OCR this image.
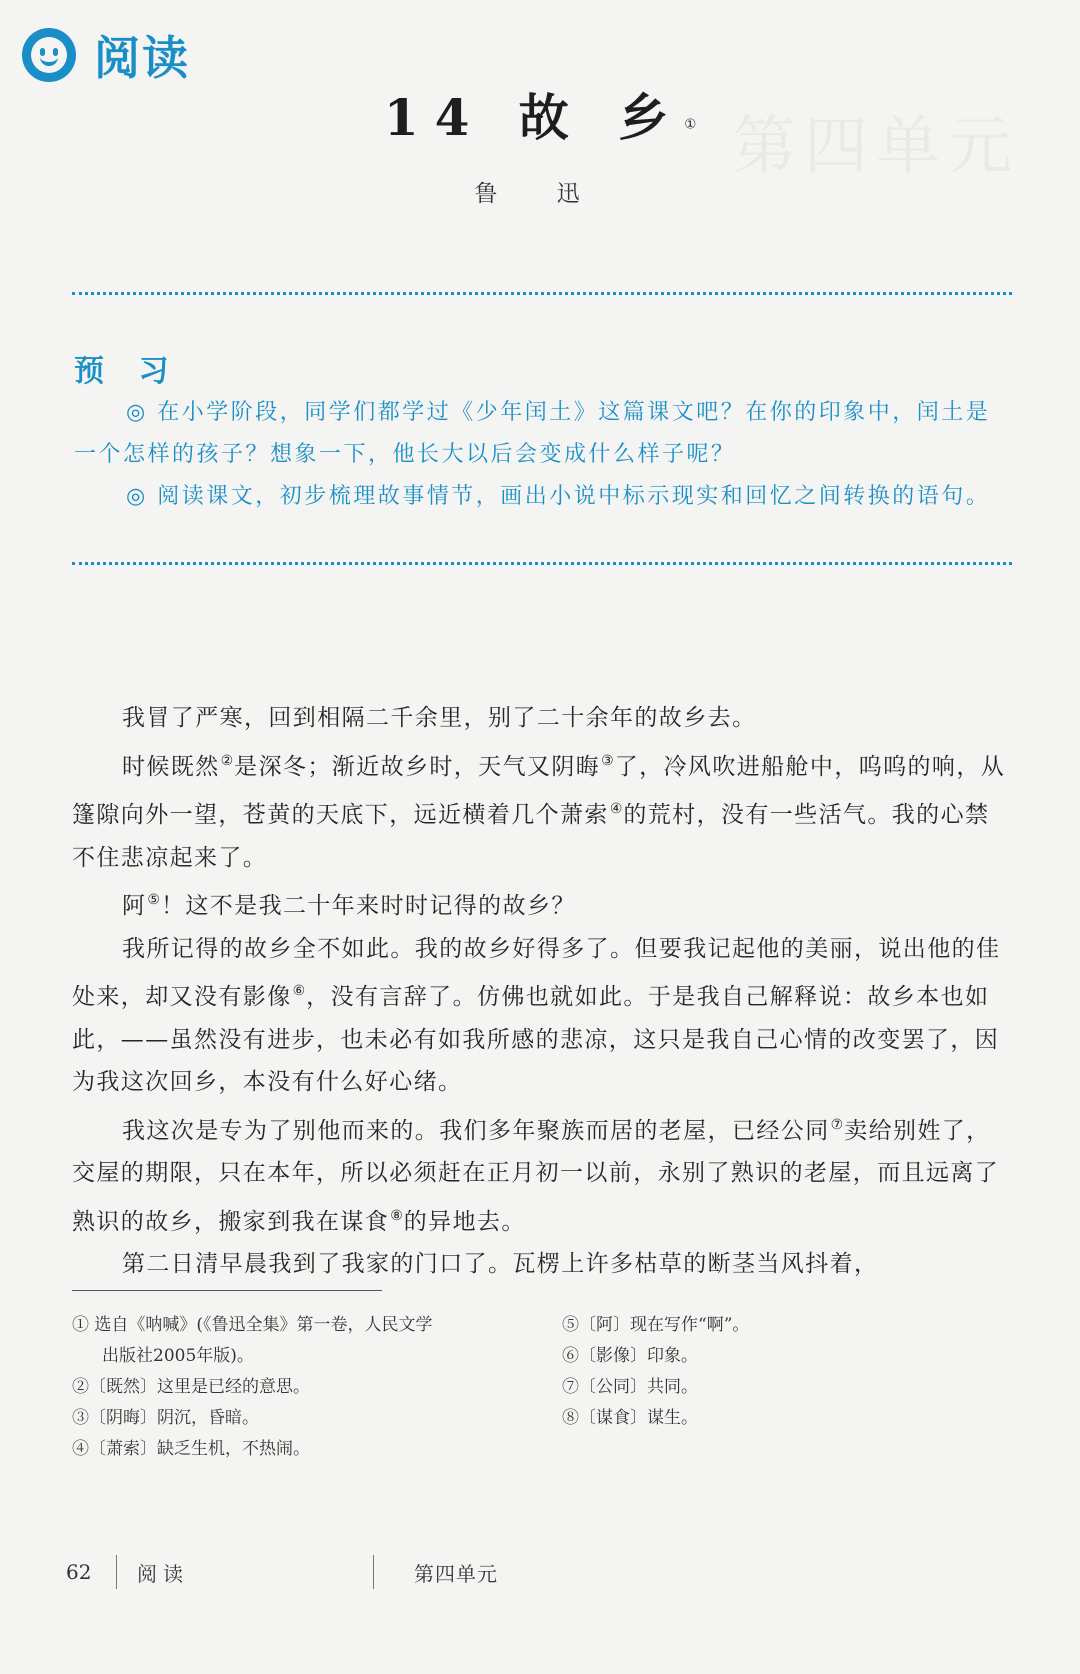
第四单元
阅读
14 故 乡①
鲁 迅
预 习

◎ 在小学阶段，同学们都学过《少年闰土》这篇课文吧？在你的印象中，闰土是一个怎样的孩子？想象一下，他长大以后会变成什么样子呢？

◎ 阅读课文，初步梳理故事情节，画出小说中标示现实和回忆之间转换的语句。

我冒了严寒，回到相隔二千余里，别了二十余年的故乡去。

时候既然②是深冬；渐近故乡时，天气又阴晦③了，冷风吹进船舱中，呜呜的响，从篷隙向外一望，苍黄的天底下，远近横着几个萧索④的荒村，没有一些活气。我的心禁不住悲凉起来了。

阿⑤！这不是我二十年来时时记得的故乡？

我所记得的故乡全不如此。我的故乡好得多了。但要我记起他的美丽，说出他的佳处来，却又没有影像⑥，没有言辞了。仿佛也就如此。于是我自己解释说：故乡本也如此，——虽然没有进步，也未必有如我所感的悲凉，这只是我自己心情的改变罢了，因为我这次回乡，本没有什么好心绪。

我这次是专为了别他而来的。我们多年聚族而居的老屋，已经公同⑦卖给别姓了，交屋的期限，只在本年，所以必须赶在正月初一以前，永别了熟识的老屋，而且远离了熟识的故乡，搬家到我在谋食⑧的异地去。

第二日清早晨我到了我家的门口了。瓦楞上许多枯草的断茎当风抖着，

① 选自《呐喊》(《鲁迅全集》第一卷，人民文学
出版社2005年版)。
②〔既然〕这里是已经的意思。
③〔阴晦〕阴沉，昏暗。
④〔萧索〕缺乏生机，不热闹。
⑤〔阿〕现在写作“啊”。
⑥〔影像〕印象。
⑦〔公同〕共同。
⑧〔谋食〕谋生。
62	阅读	第四单元
